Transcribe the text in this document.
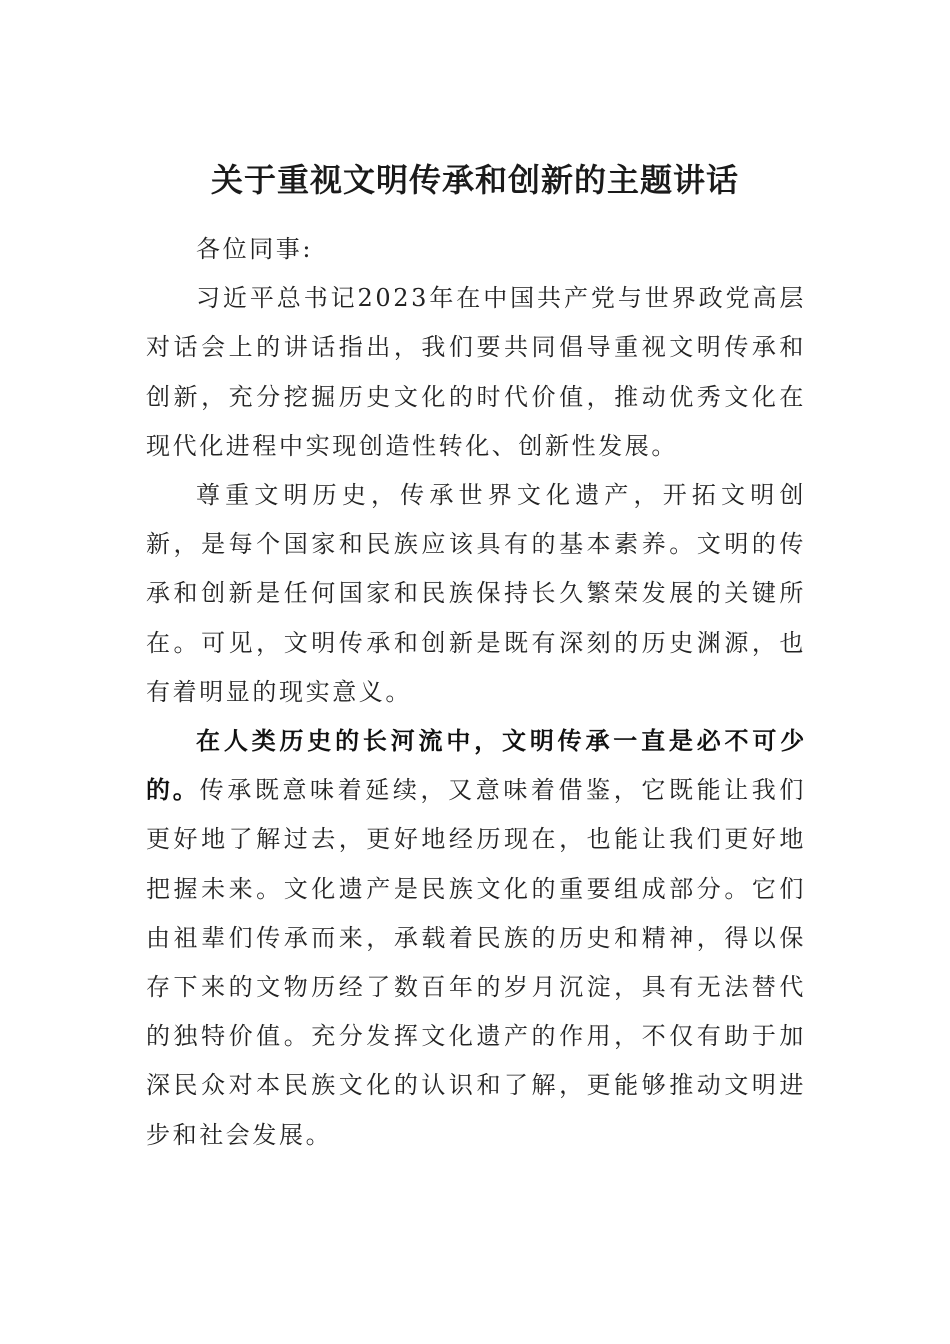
关于重视文明传承和创新的主题讲话
各位同事:

习近平总书记2023年在中国共产党与世界政党高层对话会上的讲话指出，我们要共同倡导重视文明传承和创新，充分挖掘历史文化的时代价值，推动优秀文化在现代化进程中实现创造性转化、创新性发展。

尊重文明历史，传承世界文化遗产，开拓文明创新，是每个国家和民族应该具有的基本素养。文明的传承和创新是任何国家和民族保持长久繁荣发展的关键所在。可见，文明传承和创新是既有深刻的历史渊源，也有着明显的现实意义。

在人类历史的长河流中，文明传承一直是必不可少的。传承既意味着延续，又意味着借鉴，它既能让我们更好地了解过去，更好地经历现在，也能让我们更好地把握未来。文化遗产是民族文化的重要组成部分。它们由祖辈们传承而来，承载着民族的历史和精神，得以保存下来的文物历经了数百年的岁月沉淀，具有无法替代的独特价值。充分发挥文化遗产的作用，不仅有助于加深民众对本民族文化的认识和了解，更能够推动文明进步和社会发展。
